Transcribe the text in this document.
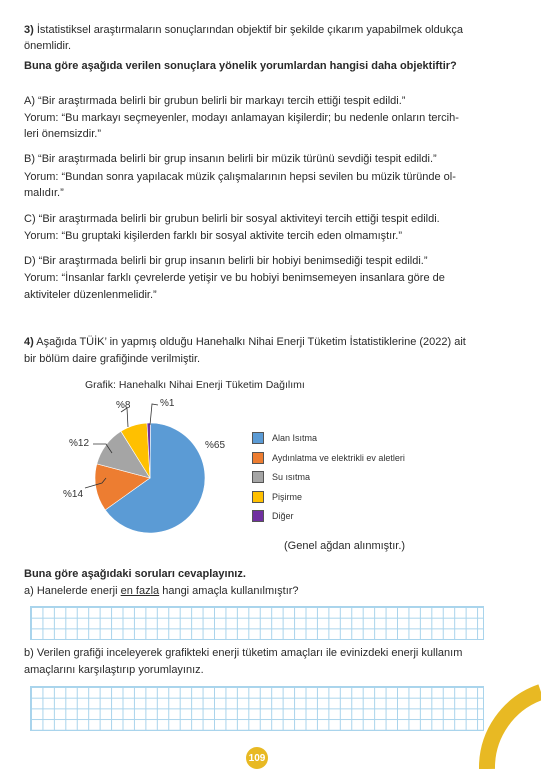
3) İstatistiksel araştırmaların sonuçlarından objektif bir şekilde çıkarım yapabilmek oldukça
önemlidir.
Buna göre aşağıda verilen sonuçlara yönelik yorumlardan hangisi daha objektiftir?
A) “Bir araştırmada belirli bir grubun belirli bir markayı tercih ettiği tespit edildi.”
Yorum: “Bu markayı seçmeyenler, modayı anlamayan kişilerdir; bu nedenle onların tercih-
leri önemsizdir.”
B) “Bir araştırmada belirli bir grup insanın belirli bir müzik türünü sevdiği tespit edildi.”
Yorum: “Bundan sonra yapılacak müzik çalışmalarının hepsi sevilen bu müzik türünde ol-
malıdır.”
C) “Bir araştırmada belirli bir grubun belirli bir sosyal aktiviteyi tercih ettiği tespit edildi.
Yorum: “Bu gruptaki kişilerden farklı bir sosyal aktivite tercih eden olmamıştır.”
D) “Bir araştırmada belirli bir grup insanın belirli bir hobiyi benimsediği tespit edildi.”
Yorum: “İnsanlar farklı çevrelerde yetişir ve bu hobiyi benimsemeyen insanlara göre de
aktiviteler düzenlenmelidir.”
4) Aşağıda TÜİK’ in yapmış olduğu Hanehalkı Nihai Enerji Tüketim İstatistiklerine (2022) ait
bir bölüm daire grafiğinde verilmiştir.
Grafik: Hanehalkı Nihai Enerji Tüketim Dağılımı
%8	%1
%12	%65
%14
Alan Isıtma
Aydınlatma ve elektrikli ev aletleri
Su ısıtma
Pişirme
Diğer
(Genel ağdan alınmıştır.)
Buna göre aşağıdaki soruları cevaplayınız.
a) Hanelerde enerji en fazla hangi amaçla kullanılmıştır?
b) Verilen grafiği inceleyerek grafikteki enerji tüketim amaçları ile evinizdeki enerji kullanım
amaçlarını karşılaştırıp yorumlayınız.
109
